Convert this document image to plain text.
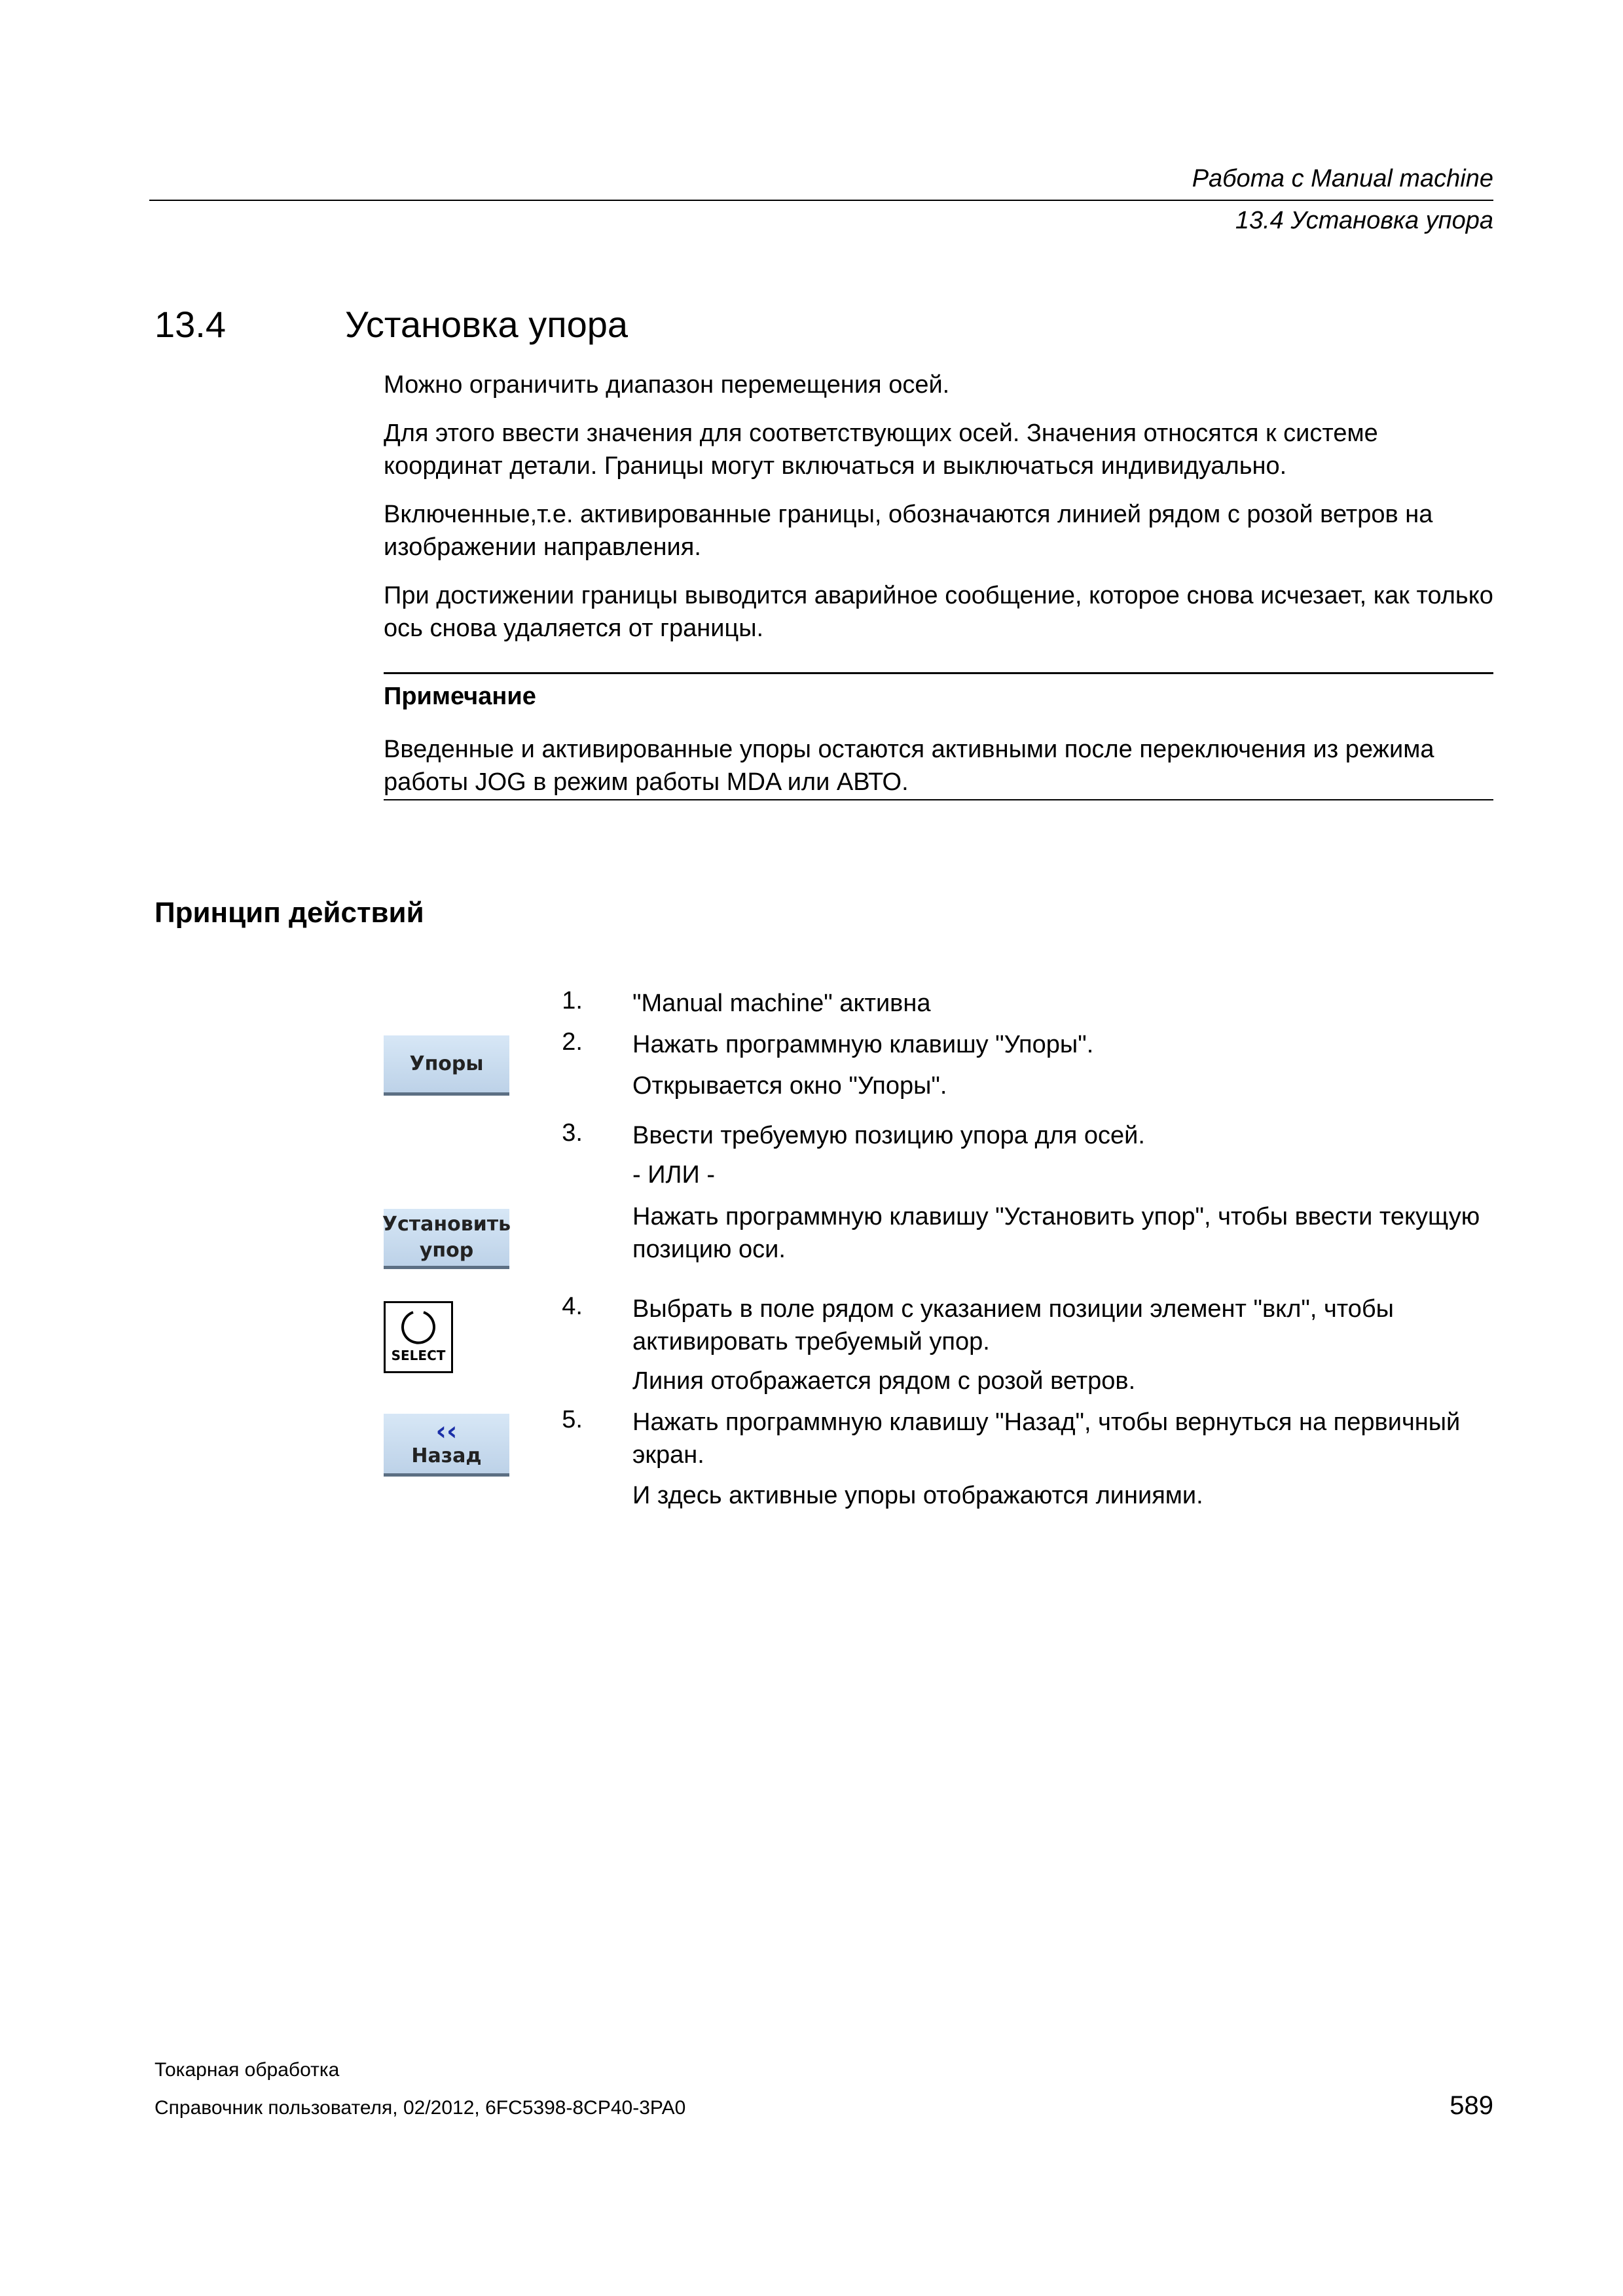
Работа с Manual machine
13.4 Установка упора
13.4	Установка упора
Можно ограничить диапазон перемещения осей.
Для этого ввести значения для соответствующих осей. Значения относятся к системе координат детали. Границы могут включаться и выключаться индивидуально.
Включенные,т.е. активированные границы, обозначаются линией рядом с розой ветров на изображении направления.
При достижении границы выводится аварийное сообщение, которое снова исчезает, как только ось снова удаляется от границы.
Примечание
Введенные и активированные упоры остаются активными после переключения из режима работы JOG в режим работы MDA или АВТО.
Принцип действий
Упоры
Установить
упор
SELECT
‹‹
Назад
1. "Manual machine" активна
2. Нажать программную клавишу "Упоры".
Открывается окно "Упоры".
3. Ввести требуемую позицию упора для осей.
- ИЛИ -
Нажать программную клавишу "Установить упор", чтобы ввести текущую позицию оси.
4. Выбрать в поле рядом с указанием позиции элемент "вкл", чтобы активировать требуемый упор.
Линия отображается рядом с розой ветров.
5. Нажать программную клавишу "Назад", чтобы вернуться на первичный экран.
И здесь активные упоры отображаются линиями.
Токарная обработка
Справочник пользователя, 02/2012, 6FC5398-8CP40-3PA0	589
